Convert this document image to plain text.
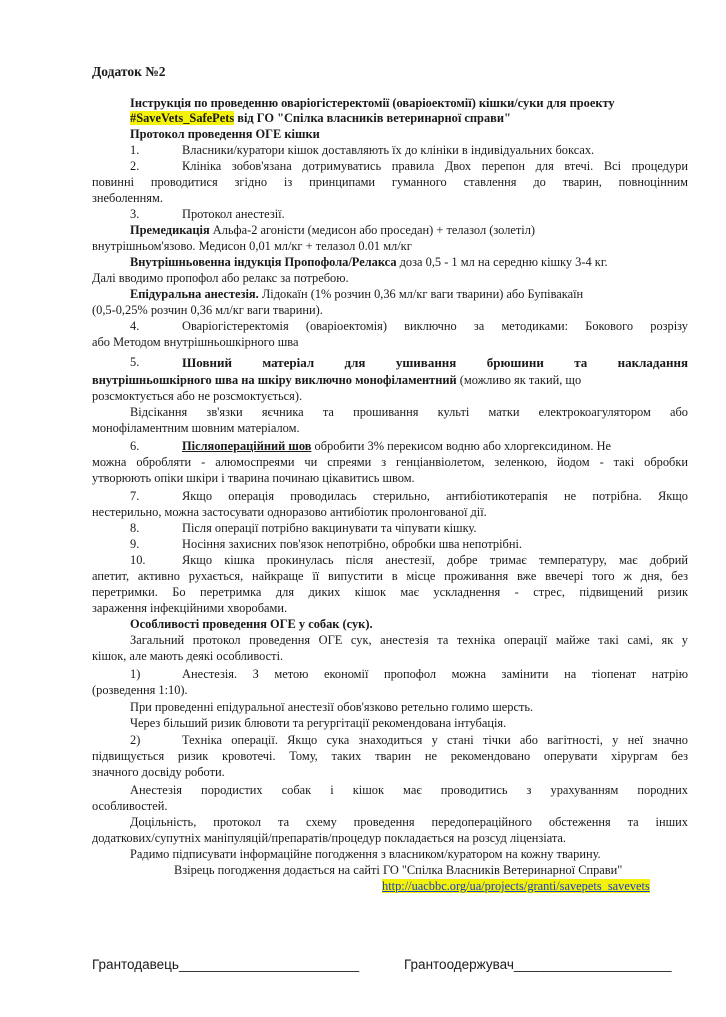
Додаток №2
Інструкція по проведенню оваріогістеректомії (оваріоектомії) кішки/суки для проекту
#SaveVets_SafePets від ГО "Спілка власників ветеринарної справи"
Протокол проведення ОГЕ кішки
1.	Власники/куратори кішок доставляють їх до клініки в індивідуальних боксах.
2.	Клініка зобов'язана дотримуватись правила Двох перепон для втечі. Всі процедури
повинні проводитися згідно із принципами гуманного ставлення до тварин, повноцінним
знеболенням.
3.	Протокол анестезії.
Премедикація Альфа-2 агоністи (медисон або проседан) + телазол (золетіл)
внутрішньом'язово. Медисон 0,01 мл/кг + телазол 0.01 мл/кг
Внутрішньовенна індукція Пропофола/Релакса доза 0,5 - 1 мл на середню кішку 3-4 кг.
Далі вводимо пропофол або релакс за потребою.
Епідуральна анестезія. Лідокаїн (1% розчин 0,36 мл/кг ваги тварини) або Бупівакаїн
(0,5-0,25% розчин 0,36 мл/кг ваги тварини).
4.	Оваріогістеректомія (оваріоектомія) виключно за методиками: Бокового розрізу
або Методом внутрішньошкірного шва
5.	Шовний матеріал для ушивання брюшини та накладання
внутрішньошкірного шва на шкіру виключно монофіламентний (можливо як такий, що
розсмоктується або не розсмоктується).
Відсікання зв'язки яєчника та прошивання культі матки електрокоагулятором або
монофіламентним шовним матеріалом.
6.	Післяопераційний шов обробити 3% перекисом водню або хлоргексидином. Не
можна обробляти - алюмоспреями чи спреями з генціанвіолетом, зеленкою, йодом - такі обробки
утворюють опіки шкіри і тварина починаю цікавитись швом.
7.	Якщо операція проводилась стерильно, антибіотикотерапія не потрібна. Якщо
нестерильно, можна застосувати одноразово антибіотик пролонгованої дії.
8.	Після операції потрібно вакцинувати та чіпувати кішку.
9.	Носіння захисних пов'язок непотрібно, обробки шва непотрібні.
10.	Якщо кішка прокинулась після анестезії, добре тримає температуру, має добрий
апетит, активно рухається, найкраще її випустити в місце проживання вже ввечері того ж дня, без
перетримки. Бо перетримка для диких кішок має ускладнення - стрес, підвищений ризик
зараження інфекційними хворобами.
Особливості проведення ОГЕ у собак (сук).
Загальний протокол проведення ОГЕ сук, анестезія та техніка операції майже такі самі, як у
кішок, але мають деякі особливості.
1)	Анестезія. З метою економії пропофол можна замінити на тіопенат натрію
(розведення 1:10).
При проведенні епідуральної анестезії обов'язково ретельно голимо шерсть.
Через більший ризик блювоти та регургітації рекомендована інтубація.
2)	Техніка операції. Якщо сука знаходиться у стані тічки або вагітності, у неї значно
підвищується ризик кровотечі. Тому, таких тварин не рекомендовано оперувати хірургам без
значного досвіду роботи.
Анестезія породистих собак і кішок має проводитись з урахуванням породних
особливостей.
Доцільність, протокол та схему проведення передопераційного обстеження та інших
додаткових/супутніх маніпуляцій/препаратів/процедур покладається на розсуд ліцензіата.
Радимо підписувати інформаційне погодження з власником/куратором на кожну тварину.
Взірець погодження додається на сайті ГО "Спілка Власників Ветеринарної Справи"
http://uacbbc.org/ua/projects/granti/savepets_savevets
Грантодавець________________________	Грантоодержувач_____________________
